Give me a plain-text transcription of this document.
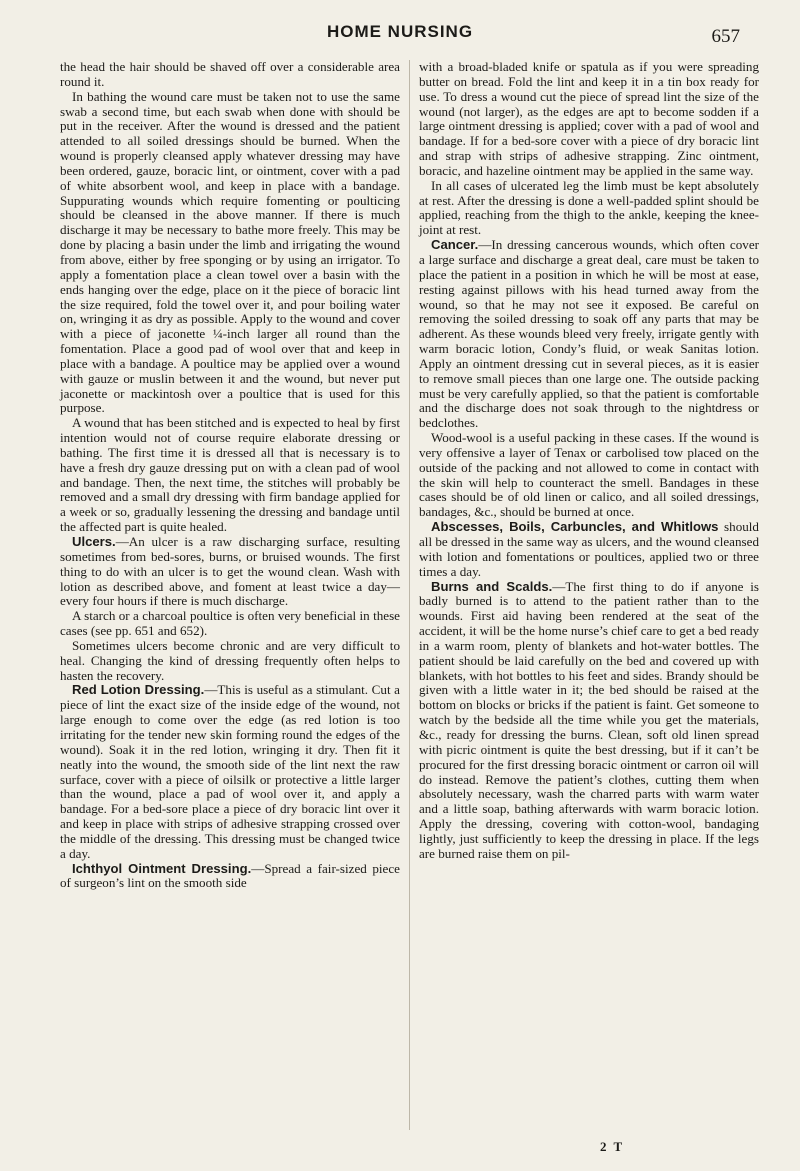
HOME NURSING	657

the head the hair should be shaved off over a considerable area round it.

In bathing the wound care must be taken not to use the same swab a second time, but each swab when done with should be put in the receiver. After the wound is dressed and the patient attended to all soiled dressings should be burned. When the wound is properly cleansed apply whatever dressing may have been ordered, gauze, boracic lint, or ointment, cover with a pad of white absorbent wool, and keep in place with a bandage. Suppurating wounds which require fomenting or poulticing should be cleansed in the above manner. If there is much discharge it may be necessary to bathe more freely. This may be done by placing a basin under the limb and irrigating the wound from above, either by free sponging or by using an irrigator. To apply a fomentation place a clean towel over a basin with the ends hanging over the edge, place on it the piece of boracic lint the size required, fold the towel over it, and pour boiling water on, wringing it as dry as possible. Apply to the wound and cover with a piece of jaconette ¼-inch larger all round than the fomentation. Place a good pad of wool over that and keep in place with a bandage. A poultice may be applied over a wound with gauze or muslin between it and the wound, but never put jaconette or mackintosh over a poultice that is used for this purpose.

A wound that has been stitched and is expected to heal by first intention would not of course require elaborate dressing or bathing. The first time it is dressed all that is necessary is to have a fresh dry gauze dressing put on with a clean pad of wool and bandage. Then, the next time, the stitches will probably be removed and a small dry dressing with firm bandage applied for a week or so, gradually lessening the dressing and bandage until the affected part is quite healed.

Ulcers.—An ulcer is a raw discharging surface, resulting sometimes from bed-sores, burns, or bruised wounds. The first thing to do with an ulcer is to get the wound clean. Wash with lotion as described above, and foment at least twice a day—every four hours if there is much discharge.

A starch or a charcoal poultice is often very beneficial in these cases (see pp. 651 and 652).

Sometimes ulcers become chronic and are very difficult to heal. Changing the kind of dressing frequently often helps to hasten the recovery.

Red Lotion Dressing.—This is useful as a stimulant. Cut a piece of lint the exact size of the inside edge of the wound, not large enough to come over the edge (as red lotion is too irritating for the tender new skin forming round the edges of the wound). Soak it in the red lotion, wringing it dry. Then fit it neatly into the wound, the smooth side of the lint next the raw surface, cover with a piece of oilsilk or protective a little larger than the wound, place a pad of wool over it, and apply a bandage. For a bed-sore place a piece of dry boracic lint over it and keep in place with strips of adhesive strapping crossed over the middle of the dressing. This dressing must be changed twice a day.

Ichthyol Ointment Dressing.—Spread a fair-sized piece of surgeon’s lint on the smooth side

with a broad-bladed knife or spatula as if you were spreading butter on bread. Fold the lint and keep it in a tin box ready for use. To dress a wound cut the piece of spread lint the size of the wound (not larger), as the edges are apt to become sodden if a large ointment dressing is applied; cover with a pad of wool and bandage. If for a bed-sore cover with a piece of dry boracic lint and strap with strips of adhesive strapping. Zinc ointment, boracic, and hazeline ointment may be applied in the same way.

In all cases of ulcerated leg the limb must be kept absolutely at rest. After the dressing is done a well-padded splint should be applied, reaching from the thigh to the ankle, keeping the knee-joint at rest.

Cancer.—In dressing cancerous wounds, which often cover a large surface and discharge a great deal, care must be taken to place the patient in a position in which he will be most at ease, resting against pillows with his head turned away from the wound, so that he may not see it exposed. Be careful on removing the soiled dressing to soak off any parts that may be adherent. As these wounds bleed very freely, irrigate gently with warm boracic lotion, Condy’s fluid, or weak Sanitas lotion. Apply an ointment dressing cut in several pieces, as it is easier to remove small pieces than one large one. The outside packing must be very carefully applied, so that the patient is comfortable and the discharge does not soak through to the nightdress or bedclothes.

Wood-wool is a useful packing in these cases. If the wound is very offensive a layer of Tenax or carbolised tow placed on the outside of the packing and not allowed to come in contact with the skin will help to counteract the smell. Bandages in these cases should be of old linen or calico, and all soiled dressings, bandages, &c., should be burned at once.

Abscesses, Boils, Carbuncles, and Whitlows should all be dressed in the same way as ulcers, and the wound cleansed with lotion and fomentations or poultices, applied two or three times a day.

Burns and Scalds.—The first thing to do if anyone is badly burned is to attend to the patient rather than to the wounds. First aid having been rendered at the seat of the accident, it will be the home nurse’s chief care to get a bed ready in a warm room, plenty of blankets and hot-water bottles. The patient should be laid carefully on the bed and covered up with blankets, with hot bottles to his feet and sides. Brandy should be given with a little water in it; the bed should be raised at the bottom on blocks or bricks if the patient is faint. Get someone to watch by the bedside all the time while you get the materials, &c., ready for dressing the burns. Clean, soft old linen spread with picric ointment is quite the best dressing, but if it can’t be procured for the first dressing boracic ointment or carron oil will do instead. Remove the patient’s clothes, cutting them when absolutely necessary, wash the charred parts with warm water and a little soap, bathing afterwards with warm boracic lotion. Apply the dressing, covering with cotton-wool, bandaging lightly, just sufficiently to keep the dressing in place. If the legs are burned raise them on pil-

2 T
